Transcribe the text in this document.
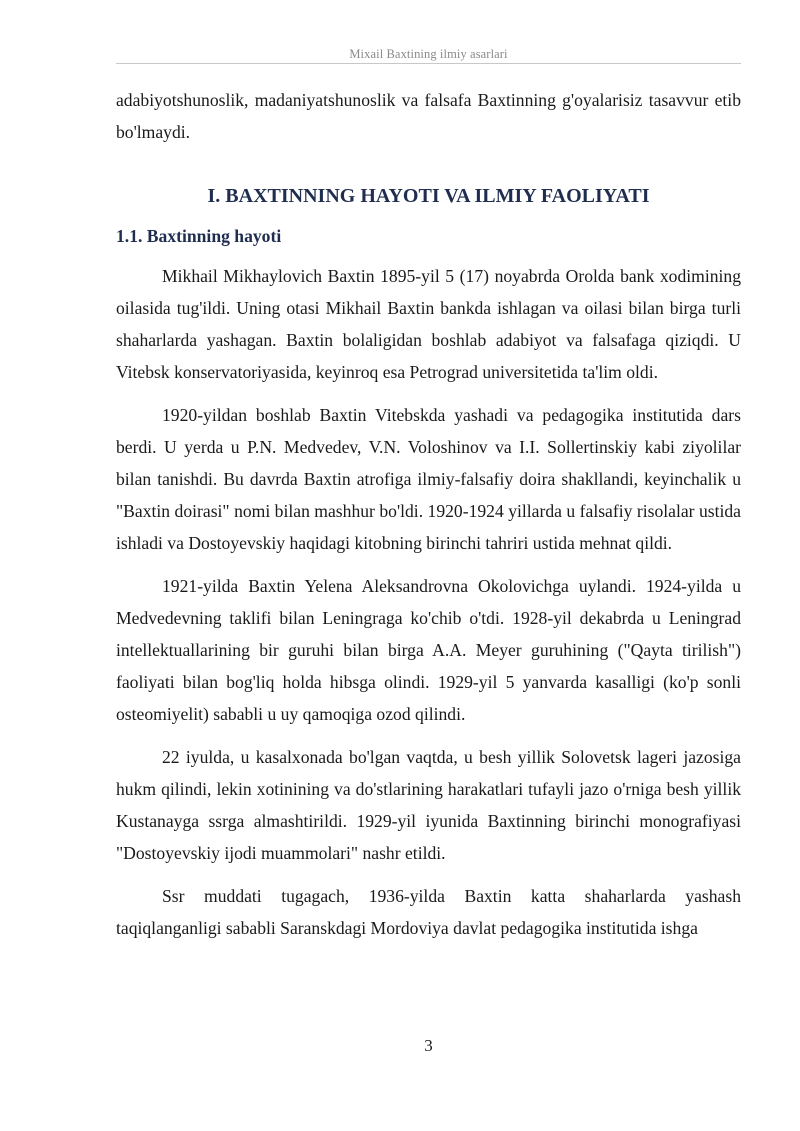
Mixail Baxtining ilmiy asarlari

adabiyotshunoslik, madaniyatshunoslik va falsafa Baxtinning g'oyalarisiz tasavvur etib bo'lmaydi.

I. BAXTINNING HAYOTI VA ILMIY FAOLIYATI
1.1. Baxtinning hayoti

Mikhail Mikhaylovich Baxtin 1895-yil 5 (17) noyabrda Orolda bank xodimining oilasida tug'ildi. Uning otasi Mikhail Baxtin bankda ishlagan va oilasi bilan birga turli shaharlarda yashagan. Baxtin bolaligidan boshlab adabiyot va falsafaga qiziqdi. U Vitebsk konservatoriyasida, keyinroq esa Petrograd universitetida ta'lim oldi.

1920-yildan boshlab Baxtin Vitebskda yashadi va pedagogika institutida dars berdi. U yerda u P.N. Medvedev, V.N. Voloshinov va I.I. Sollertinskiy kabi ziyolilar bilan tanishdi. Bu davrda Baxtin atrofiga ilmiy-falsafiy doira shakllandi, keyinchalik u "Baxtin doirasi" nomi bilan mashhur bo'ldi. 1920-1924 yillarda u falsafiy risolalar ustida ishladi va Dostoyevskiy haqidagi kitobning birinchi tahriri ustida mehnat qildi.

1921-yilda Baxtin Yelena Aleksandrovna Okolovichga uylandi. 1924-yilda u Medvedevning taklifi bilan Leningraga ko'chib o'tdi. 1928-yil dekabrda u Leningrad intellektuallarining bir guruhi bilan birga A.A. Meyer guruhining ("Qayta tirilish") faoliyati bilan bog'liq holda hibsga olindi. 1929-yil 5 yanvarda kasalligi (ko'p sonli osteomiyelit) sababli u uy qamoqiga ozod qilindi.

22 iyulda, u kasalxonada bo'lgan vaqtda, u besh yillik Solovetsk lageri jazosiga hukm qilindi, lekin xotinining va do'stlarining harakatlari tufayli jazo o'rniga besh yillik Kustanayga ssrga almashtirildi. 1929-yil iyunida Baxtinning birinchi monografiyasi "Dostoyevskiy ijodi muammolari" nashr etildi.

Ssr muddati tugagach, 1936-yilda Baxtin katta shaharlarda yashash taqiqlanganligi sababli Saranskdagi Mordoviya davlat pedagogika institutida ishga

3
